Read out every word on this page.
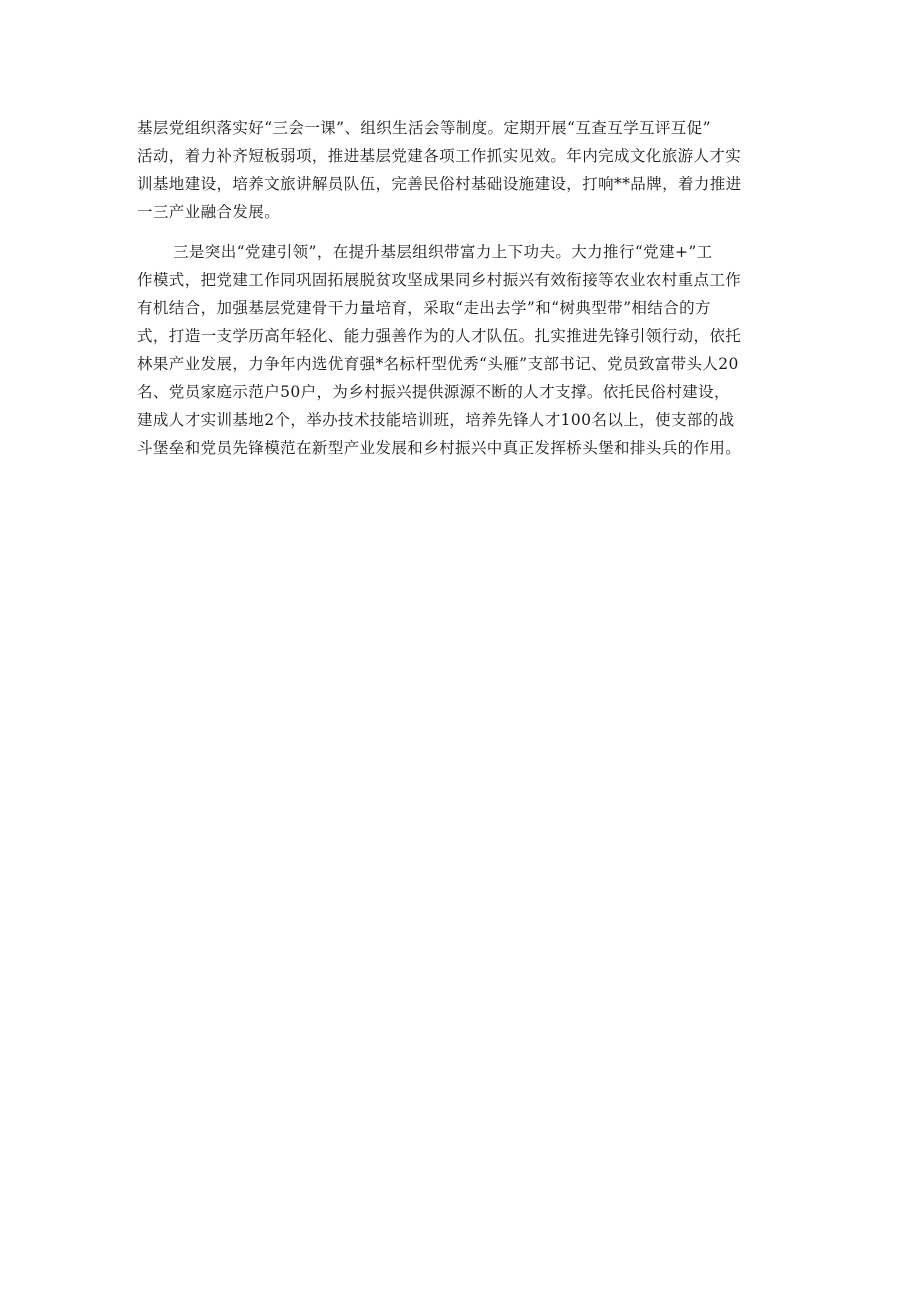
基层党组织落实好“三会一课”、组织生活会等制度。定期开展“互查互学互评互促”
活动，着力补齐短板弱项，推进基层党建各项工作抓实见效。年内完成文化旅游人才实
训基地建设，培养文旅讲解员队伍，完善民俗村基础设施建设，打响**品牌，着力推进
一三产业融合发展。
三是突出“党建引领”，在提升基层组织带富力上下功夫。大力推行“党建+”工
作模式，把党建工作同巩固拓展脱贫攻坚成果同乡村振兴有效衔接等农业农村重点工作
有机结合，加强基层党建骨干力量培育，采取“走出去学”和“树典型带”相结合的方
式，打造一支学历高年轻化、能力强善作为的人才队伍。扎实推进先锋引领行动，依托
林果产业发展，力争年内选优育强*名标杆型优秀“头雁”支部书记、党员致富带头人20
名、党员家庭示范户50户，为乡村振兴提供源源不断的人才支撑。依托民俗村建设，
建成人才实训基地2个，举办技术技能培训班，培养先锋人才100名以上，使支部的战
斗堡垒和党员先锋模范在新型产业发展和乡村振兴中真正发挥桥头堡和排头兵的作用。
